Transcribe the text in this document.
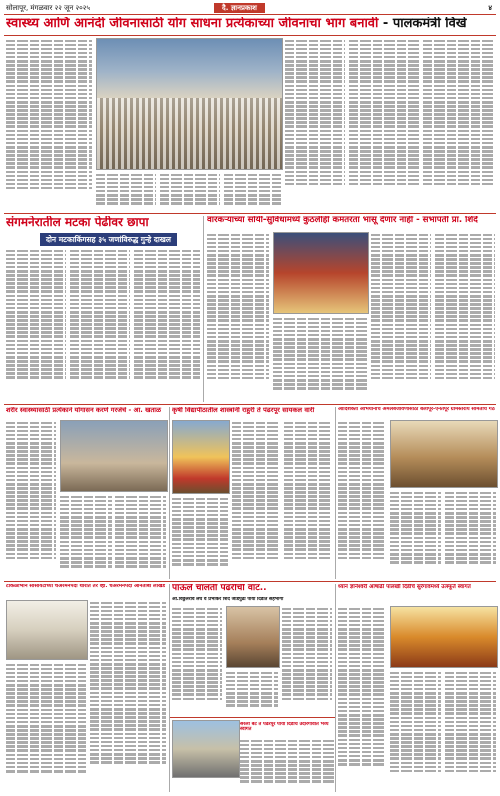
सोलापूर, मंगळवार २२ जून २०२५	दै. ज्ञानप्रकाश	४
स्वास्थ्य आणि आनंदी जीवनासाठी योग साधना प्रत्येकाच्या जीवनाचा भाग बनावी - पालकमंत्री विखे
संगमनेरातील मटका पेढीवर छापा
दोन मटकाकिंगसह ३५ जणांविरुद्ध गुन्हे दाखल
वारकऱ्यांच्या सोयी-सुविधांमध्ये कुठलीही कमतरता भासू देणार नाही - सभापती प्रा. शिंदे
शरीर स्वास्थ्यासाठी प्रत्येकाने योगासन करणे गरजेचे - आ. खताळ	कृषी विद्यापीठातील शास्त्रांनी राहुरी ते पंढरपूर सायकल वारी	आदिशक्ती अभियानाचे अंमलबजावणीसाठी बेलापूर-ऐनतपूर ग्रामस्तरीय समितीचे गठ
टाकळीभान सोसायटीच्या चेअरमनपदी थोरात तर व्हा. चेअरमनपदी अनिताबा लोखंडे पाऊले चालती पंढरीची वाट..
आ.विठ्ठलराव लंघे व प्रभाकर शिंदे जोडपुढी पायी दिंडीत सहभागी
सरला बेट ते पंढरपूर पायी दिंडीचे उंदीरगावात भव्य स्वागत
ध्यान ज्ञानेश्वरी आषाढी पालखी दिंडीचे सुरेगावमध्ये उत्स्फूर्त स्वागत
